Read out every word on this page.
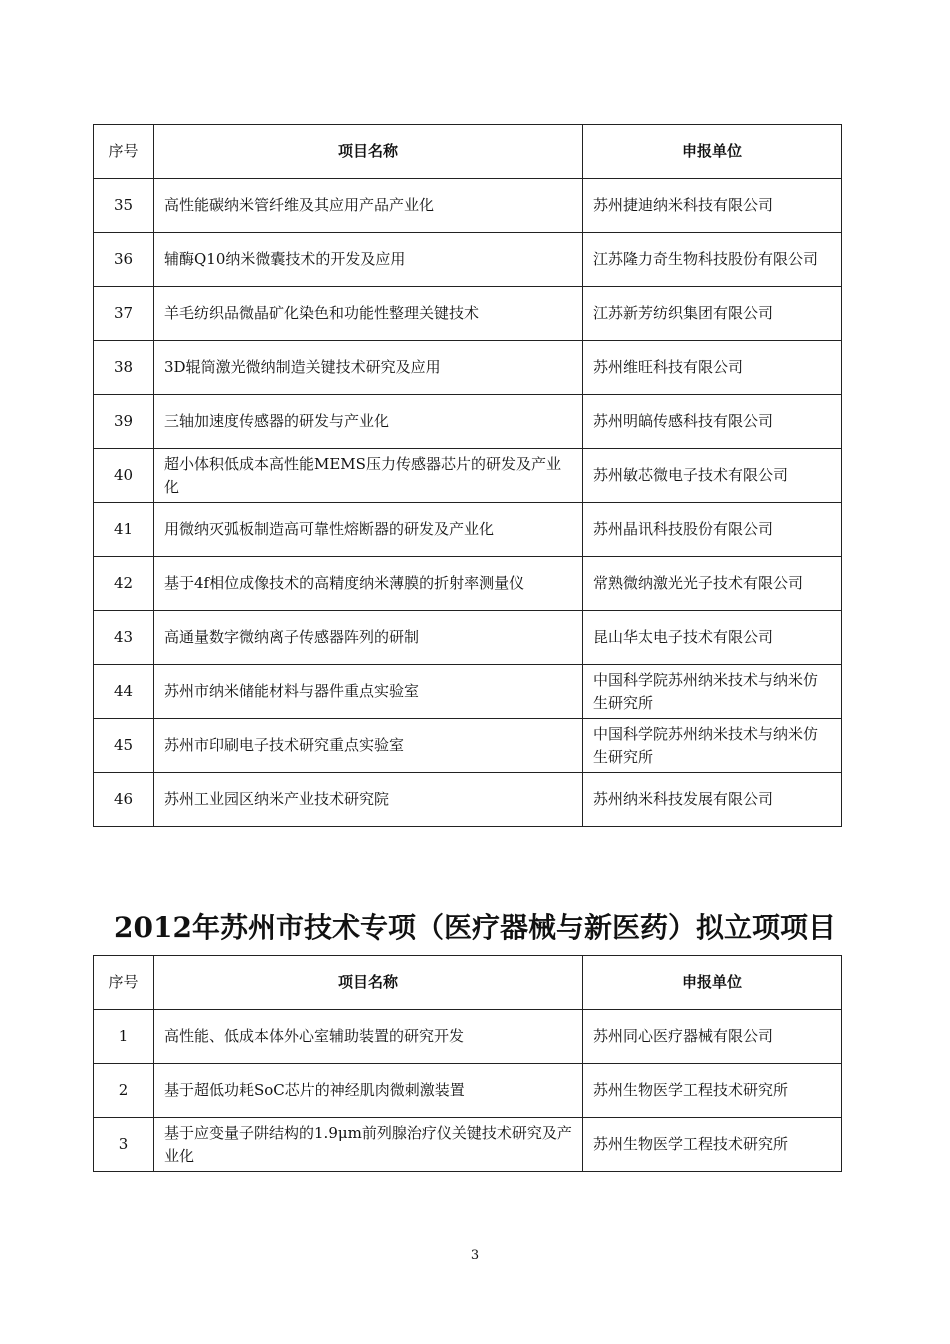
序号	项目名称	申报单位
35	高性能碳纳米管纤维及其应用产品产业化	苏州捷迪纳米科技有限公司
36	辅酶Q10纳米微囊技术的开发及应用	江苏隆力奇生物科技股份有限公司
37	羊毛纺织品微晶矿化染色和功能性整理关键技术	江苏新芳纺织集团有限公司
38	3D辊筒激光微纳制造关键技术研究及应用	苏州维旺科技有限公司
39	三轴加速度传感器的研发与产业化	苏州明皜传感科技有限公司
40	超小体积低成本高性能MEMS压力传感器芯片的研发及产业化	苏州敏芯微电子技术有限公司
41	用微纳灭弧板制造高可靠性熔断器的研发及产业化	苏州晶讯科技股份有限公司
42	基于4f相位成像技术的高精度纳米薄膜的折射率测量仪	常熟微纳激光光子技术有限公司
43	高通量数字微纳离子传感器阵列的研制	昆山华太电子技术有限公司
44	苏州市纳米储能材料与器件重点实验室	中国科学院苏州纳米技术与纳米仿生研究所
45	苏州市印刷电子技术研究重点实验室	中国科学院苏州纳米技术与纳米仿生研究所
46	苏州工业园区纳米产业技术研究院	苏州纳米科技发展有限公司
2012年苏州市技术专项（医疗器械与新医药）拟立项项目
序号	项目名称	申报单位
1	高性能、低成本体外心室辅助装置的研究开发	苏州同心医疗器械有限公司
2	基于超低功耗SoC芯片的神经肌肉微刺激装置	苏州生物医学工程技术研究所
3	基于应变量子阱结构的1.9μm前列腺治疗仪关键技术研究及产业化	苏州生物医学工程技术研究所
3
